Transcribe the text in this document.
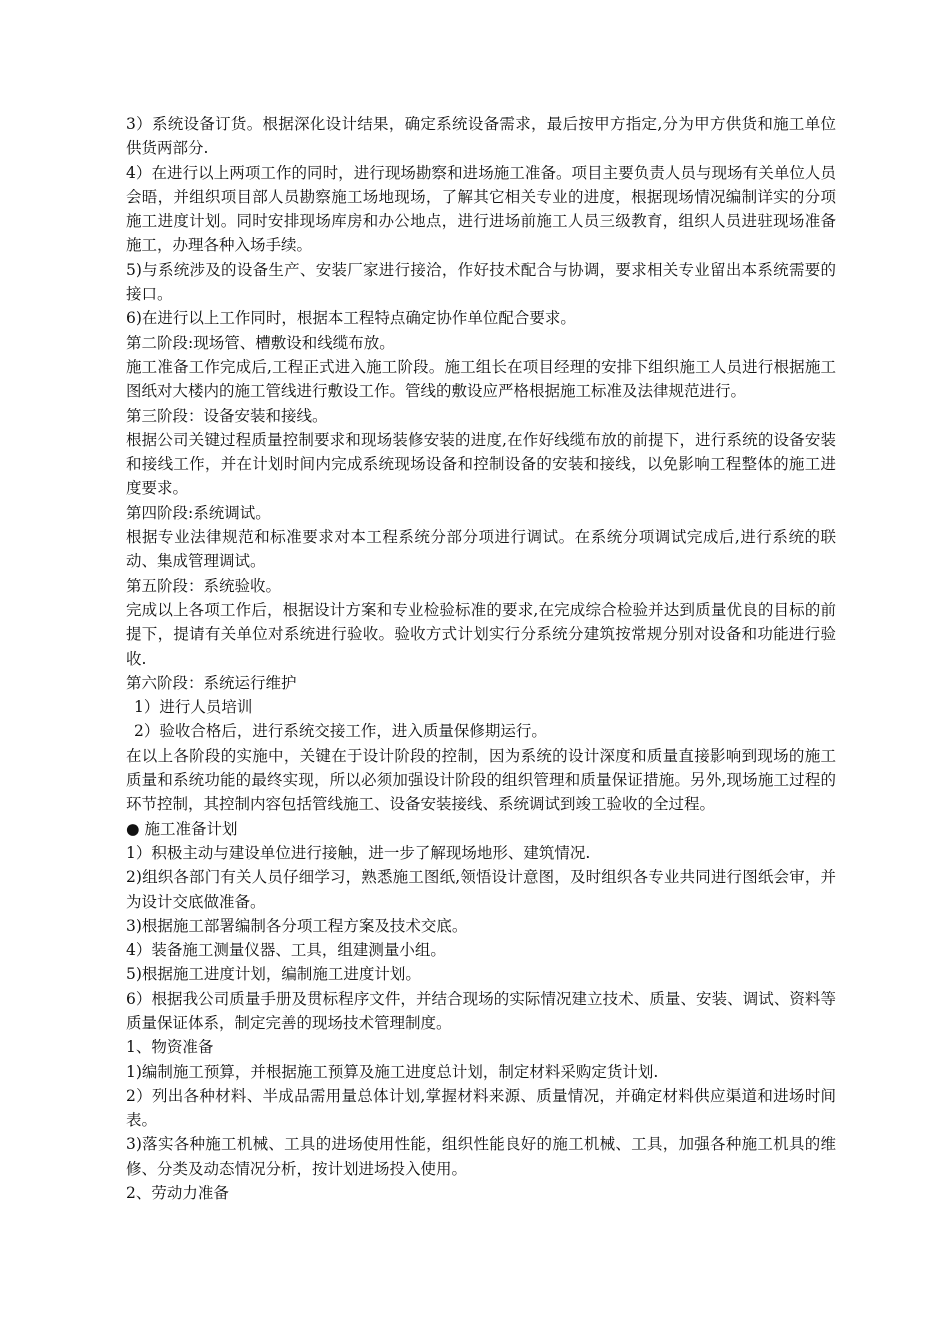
3）系统设备订货。根据深化设计结果，确定系统设备需求，最后按甲方指定,分为甲方供货和施工单位供货两部分.

4）在进行以上两项工作的同时，进行现场勘察和进场施工准备。项目主要负责人员与现场有关单位人员会晤，并组织项目部人员勘察施工场地现场，了解其它相关专业的进度，根据现场情况编制详实的分项施工进度计划。同时安排现场库房和办公地点，进行进场前施工人员三级教育，组织人员进驻现场准备施工，办理各种入场手续。

5)与系统涉及的设备生产、安装厂家进行接洽，作好技术配合与协调，要求相关专业留出本系统需要的接口。

6)在进行以上工作同时，根据本工程特点确定协作单位配合要求。

第二阶段:现场管、槽敷设和线缆布放。

施工准备工作完成后,工程正式进入施工阶段。施工组长在项目经理的安排下组织施工人员进行根据施工图纸对大楼内的施工管线进行敷设工作。管线的敷设应严格根据施工标准及法律规范进行。

第三阶段：设备安装和接线。

根据公司关键过程质量控制要求和现场装修安装的进度,在作好线缆布放的前提下，进行系统的设备安装和接线工作，并在计划时间内完成系统现场设备和控制设备的安装和接线，以免影响工程整体的施工进度要求。

第四阶段:系统调试。

根据专业法律规范和标准要求对本工程系统分部分项进行调试。在系统分项调试完成后,进行系统的联动、集成管理调试。

第五阶段：系统验收。

完成以上各项工作后，根据设计方案和专业检验标准的要求,在完成综合检验并达到质量优良的目标的前提下，提请有关单位对系统进行验收。验收方式计划实行分系统分建筑按常规分别对设备和功能进行验收.

第六阶段：系统运行维护

1）进行人员培训

2）验收合格后，进行系统交接工作，进入质量保修期运行。

在以上各阶段的实施中，关键在于设计阶段的控制，因为系统的设计深度和质量直接影响到现场的施工质量和系统功能的最终实现，所以必须加强设计阶段的组织管理和质量保证措施。另外,现场施工过程的环节控制，其控制内容包括管线施工、设备安装接线、系统调试到竣工验收的全过程。

● 施工准备计划

1）积极主动与建设单位进行接触，进一步了解现场地形、建筑情况.

2)组织各部门有关人员仔细学习，熟悉施工图纸,领悟设计意图，及时组织各专业共同进行图纸会审，并为设计交底做准备。

3)根据施工部署编制各分项工程方案及技术交底。

4）装备施工测量仪器、工具，组建测量小组。

5)根据施工进度计划，编制施工进度计划。

6）根据我公司质量手册及贯标程序文件，并结合现场的实际情况建立技术、质量、安装、调试、资料等质量保证体系，制定完善的现场技术管理制度。

1、物资准备

1)编制施工预算，并根据施工预算及施工进度总计划，制定材料采购定货计划.

2）列出各种材料、半成品需用量总体计划,掌握材料来源、质量情况，并确定材料供应渠道和进场时间表。

3)落实各种施工机械、工具的进场使用性能，组织性能良好的施工机械、工具，加强各种施工机具的维修、分类及动态情况分析，按计划进场投入使用。

2、劳动力准备
